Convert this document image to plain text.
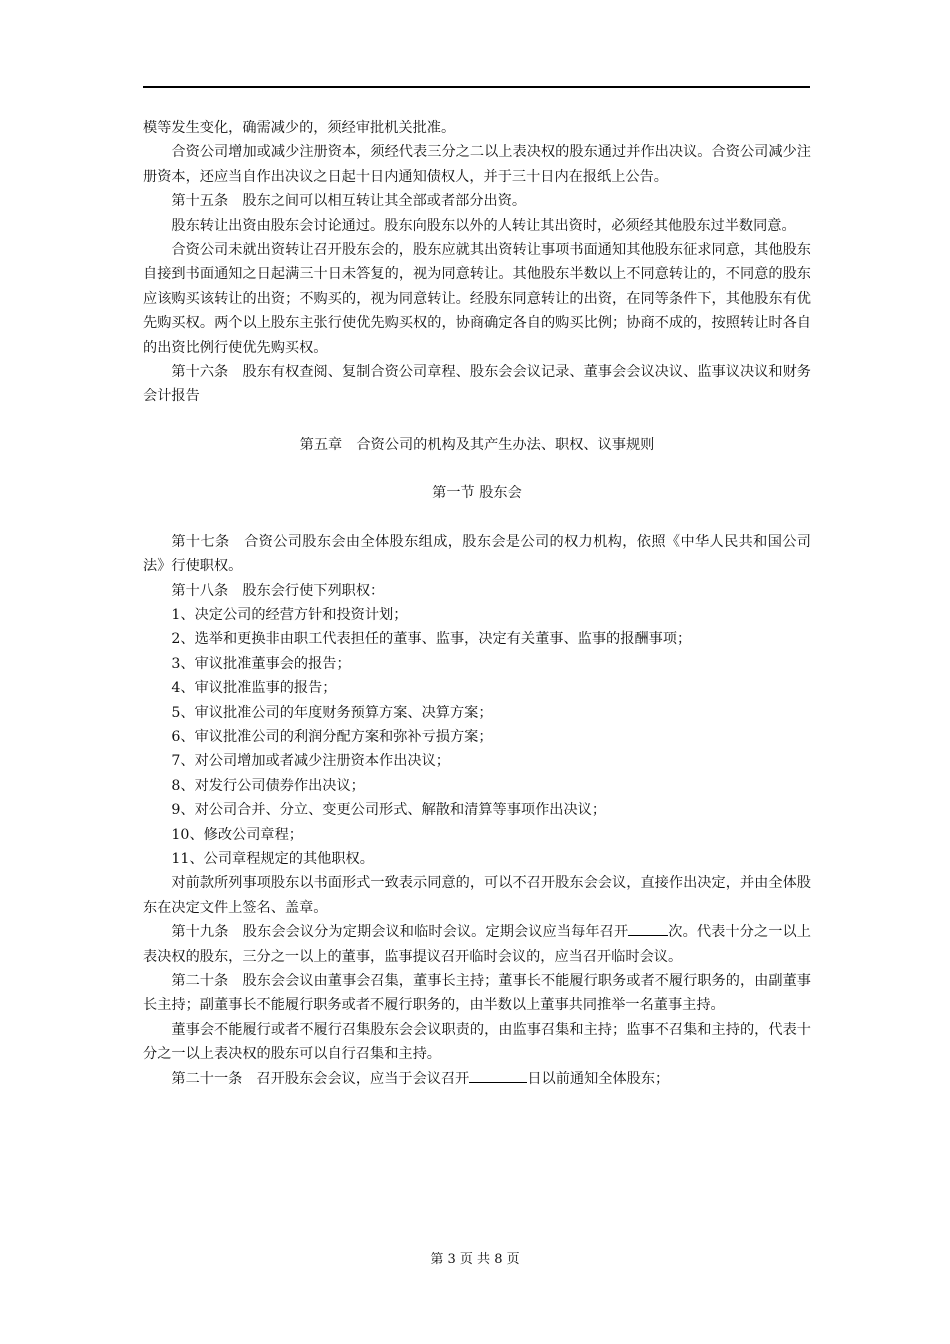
模等发生变化，确需减少的，须经审批机关批准。

合资公司增加或减少注册资本，须经代表三分之二以上表决权的股东通过并作出决议。合资公司减少注册资本，还应当自作出决议之日起十日内通知债权人，并于三十日内在报纸上公告。

第十五条　股东之间可以相互转让其全部或者部分出资。

股东转让出资由股东会讨论通过。股东向股东以外的人转让其出资时，必须经其他股东过半数同意。

合资公司未就出资转让召开股东会的，股东应就其出资转让事项书面通知其他股东征求同意，其他股东自接到书面通知之日起满三十日未答复的，视为同意转让。其他股东半数以上不同意转让的，不同意的股东应该购买该转让的出资；不购买的，视为同意转让。经股东同意转让的出资，在同等条件下，其他股东有优先购买权。两个以上股东主张行使优先购买权的，协商确定各自的购买比例；协商不成的，按照转让时各自的出资比例行使优先购买权。

第十六条　股东有权查阅、复制合资公司章程、股东会会议记录、董事会会议决议、监事议决议和财务会计报告

第五章　合资公司的机构及其产生办法、职权、议事规则

第一节 股东会

第十七条　合资公司股东会由全体股东组成，股东会是公司的权力机构，依照《中华人民共和国公司法》行使职权。

第十八条　股东会行使下列职权：

1、决定公司的经营方针和投资计划；

2、选举和更换非由职工代表担任的董事、监事，决定有关董事、监事的报酬事项；

3、审议批准董事会的报告；

4、审议批准监事的报告；

5、审议批准公司的年度财务预算方案、决算方案；

6、审议批准公司的利润分配方案和弥补亏损方案；

7、对公司增加或者减少注册资本作出决议；

8、对发行公司债券作出决议；

9、对公司合并、分立、变更公司形式、解散和清算等事项作出决议；

10、修改公司章程；

11、公司章程规定的其他职权。

对前款所列事项股东以书面形式一致表示同意的，可以不召开股东会会议，直接作出决定，并由全体股东在决定文件上签名、盖章。

第十九条　股东会会议分为定期会议和临时会议。定期会议应当每年召开	次。代表十分之一以上表决权的股东，三分之一以上的董事，监事提议召开临时会议的，应当召开临时会议。

第二十条　股东会会议由董事会召集，董事长主持；董事长不能履行职务或者不履行职务的，由副董事长主持；副董事长不能履行职务或者不履行职务的，由半数以上董事共同推举一名董事主持。

董事会不能履行或者不履行召集股东会会议职责的，由监事召集和主持；监事不召集和主持的，代表十分之一以上表决权的股东可以自行召集和主持。

第二十一条　召开股东会会议，应当于会议召开	日以前通知全体股东；

第 3 页 共 8 页
